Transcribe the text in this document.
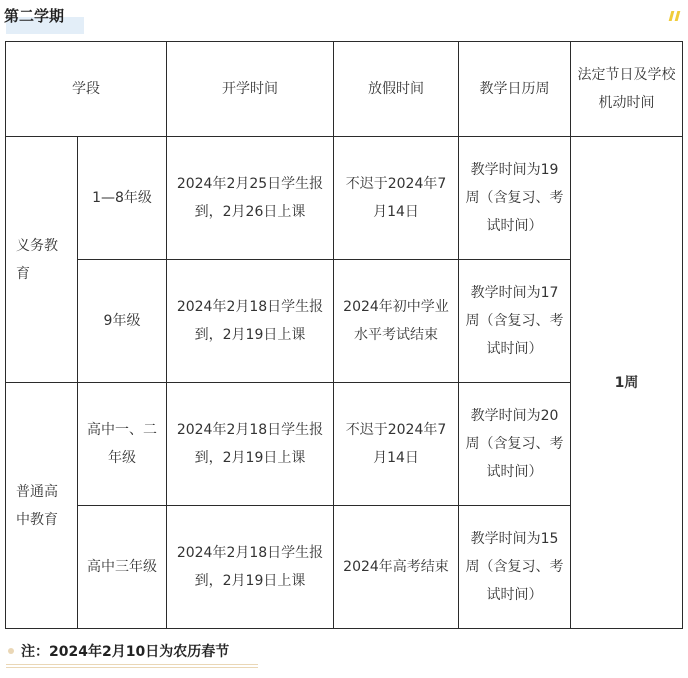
第二学期
学段		开学时间	放假时间	教学日历周	法定节日及学校机动时间
义务教育	1—8年级	2024年2月25日学生报到，2月26日上课	不迟于2024年7月14日	教学时间为19周（含复习、考试时间）	1周
	9年级	2024年2月18日学生报到，2月19日上课	2024年初中学业水平考试结束	教学时间为17周（含复习、考试时间）	
普通高中教育	高中一、二年级	2024年2月18日学生报到，2月19日上课	不迟于2024年7月14日	教学时间为20周（含复习、考试时间）	
	高中三年级	2024年2月18日学生报到，2月19日上课	2024年高考结束	教学时间为15周（含复习、考试时间）	
注：2024年2月10日为农历春节
